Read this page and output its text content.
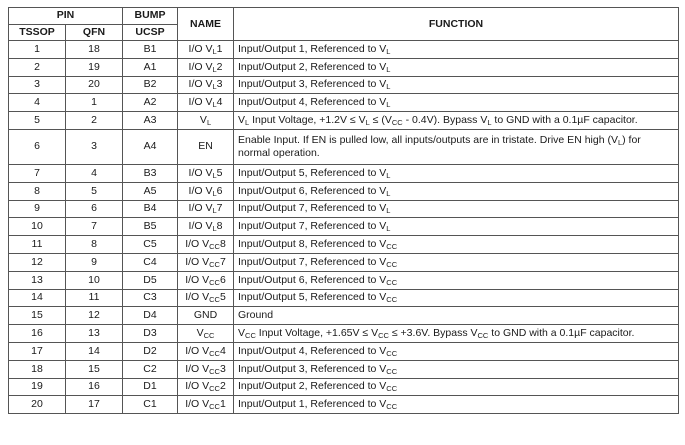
PIN		BUMP	NAME	FUNCTION
TSSOP	QFN	UCSP		
1	18	B1	I/O $V_L1$	Input/Output 1, Referenced to $V_L$
2	19	A1	I/O $V_L2$	Input/Output 2, Referenced to $V_L$
3	20	B2	I/O $V_L3$	Input/Output 3, Referenced to $V_L$
4	1	A2	I/O $V_L4$	Input/Output 4, Referenced to $V_L$
5	2	A3	$V_L$	$V_L$ Input Voltage, $+1.2V \le V_L \le (V_{CC} - 0.4V)$. Bypass $V_L$ to GND with a 0.1µF capacitor.
6	3	A4	EN	Enable Input. If EN is pulled low, all inputs/outputs are in tristate. Drive EN high $(V_L)$ for normal operation.
7	4	B3	I/O $V_L5$	Input/Output 5, Referenced to $V_L$
8	5	A5	I/O $V_L6$	Input/Output 6, Referenced to $V_L$
9	6	B4	I/O $V_L7$	Input/Output 7, Referenced to $V_L$
10	7	B5	I/O $V_L8$	Input/Output 7, Referenced to $V_L$
11	8	C5	I/O $V_{CC}8$	Input/Output 8, Referenced to $V_{CC}$
12	9	C4	I/O $V_{CC}7$	Input/Output 7, Referenced to $V_{CC}$
13	10	D5	I/O $V_{CC}6$	Input/Output 6, Referenced to $V_{CC}$
14	11	C3	I/O $V_{CC}5$	Input/Output 5, Referenced to $V_{CC}$
15	12	D4	GND	Ground
16	13	D3	$V_{CC}$	$V_{CC}$ Input Voltage, $+1.65V \le V_{CC} \le +3.6V$. Bypass $V_{CC}$ to GND with a 0.1µF capacitor.
17	14	D2	I/O $V_{CC}4$	Input/Output 4, Referenced to $V_{CC}$
18	15	C2	I/O $V_{CC}3$	Input/Output 3, Referenced to $V_{CC}$
19	16	D1	I/O $V_{CC}2$	Input/Output 2, Referenced to $V_{CC}$
20	17	C1	I/O $V_{CC}1$	Input/Output 1, Referenced to $V_{CC}$
